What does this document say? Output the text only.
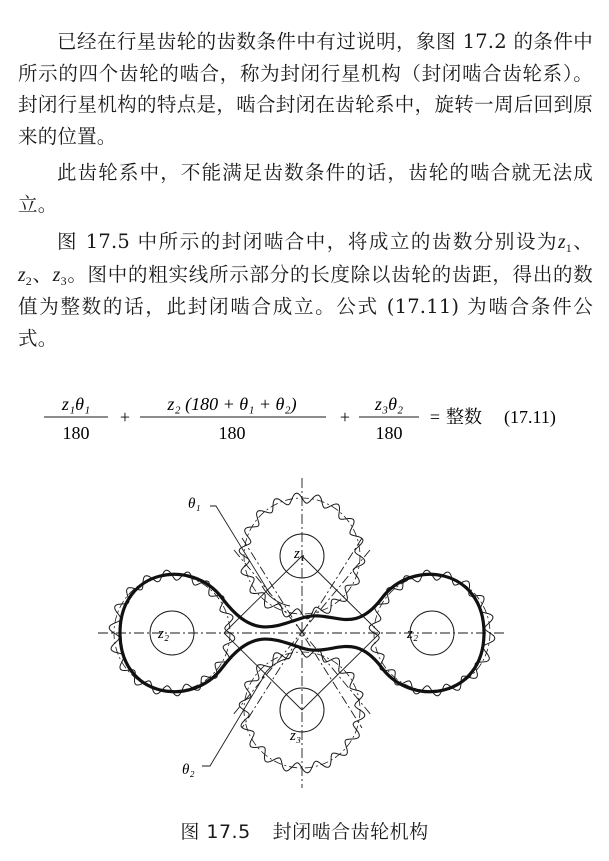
已经在行星齿轮的齿数条件中有过说明，象图 17.2 的条件中所示的四个齿轮的啮合，称为封闭行星机构（封闭啮合齿轮系）。封闭行星机构的特点是，啮合封闭在齿轮系中，旋转一周后回到原来的位置。
此齿轮系中，不能满足齿数条件的话，齿轮的啮合就无法成立。
图 17.5 中所示的封闭啮合中，将成立的齿数分别设为$z_1$、$z_2$、$z_3$。图中的粗实线所示部分的长度除以齿轮的齿距，得出的数值为整数的话，此封闭啮合成立。公式 (17.11) 为啮合条件公式。
z₁θ₁
180
+
z₂ (180 + θ₁ + θ₂)
180
+
z₃θ₂
180
= 整数 (17.11)
θ₁
θ₂
z₁
z₂	z₂
z₃
图 17.5 封闭啮合齿轮机构
